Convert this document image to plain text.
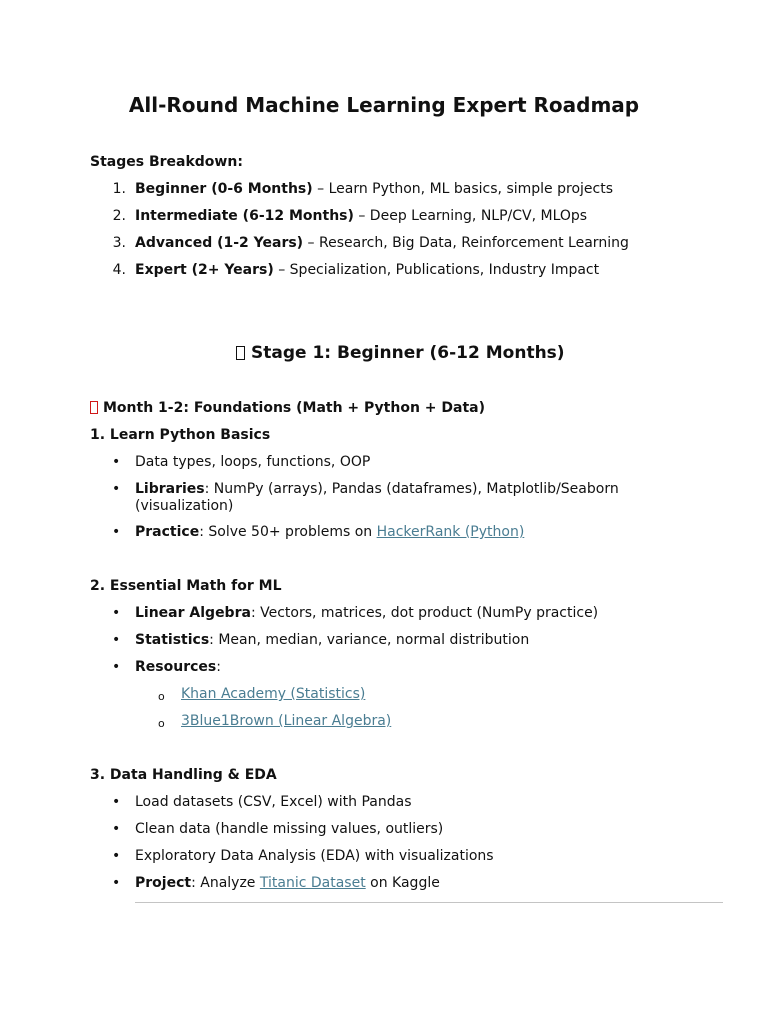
All-Round Machine Learning Expert Roadmap
Stages Breakdown:
1. Beginner (0-6 Months) – Learn Python, ML basics, simple projects
2. Intermediate (6-12 Months) – Deep Learning, NLP/CV, MLOps
3. Advanced (1-2 Years) – Research, Big Data, Reinforcement Learning
4. Expert (2+ Years) – Specialization, Publications, Industry Impact
Stage 1: Beginner (6-12 Months)
Month 1-2: Foundations (Math + Python + Data)
1. Learn Python Basics
• Data types, loops, functions, OOP
• Libraries: NumPy (arrays), Pandas (dataframes), Matplotlib/Seaborn
(visualization)
• Practice: Solve 50+ problems on HackerRank (Python)
2. Essential Math for ML
• Linear Algebra: Vectors, matrices, dot product (NumPy practice)
• Statistics: Mean, median, variance, normal distribution
• Resources:
o Khan Academy (Statistics)
o 3Blue1Brown (Linear Algebra)
3. Data Handling & EDA
• Load datasets (CSV, Excel) with Pandas
• Clean data (handle missing values, outliers)
• Exploratory Data Analysis (EDA) with visualizations
• Project: Analyze Titanic Dataset on Kaggle
